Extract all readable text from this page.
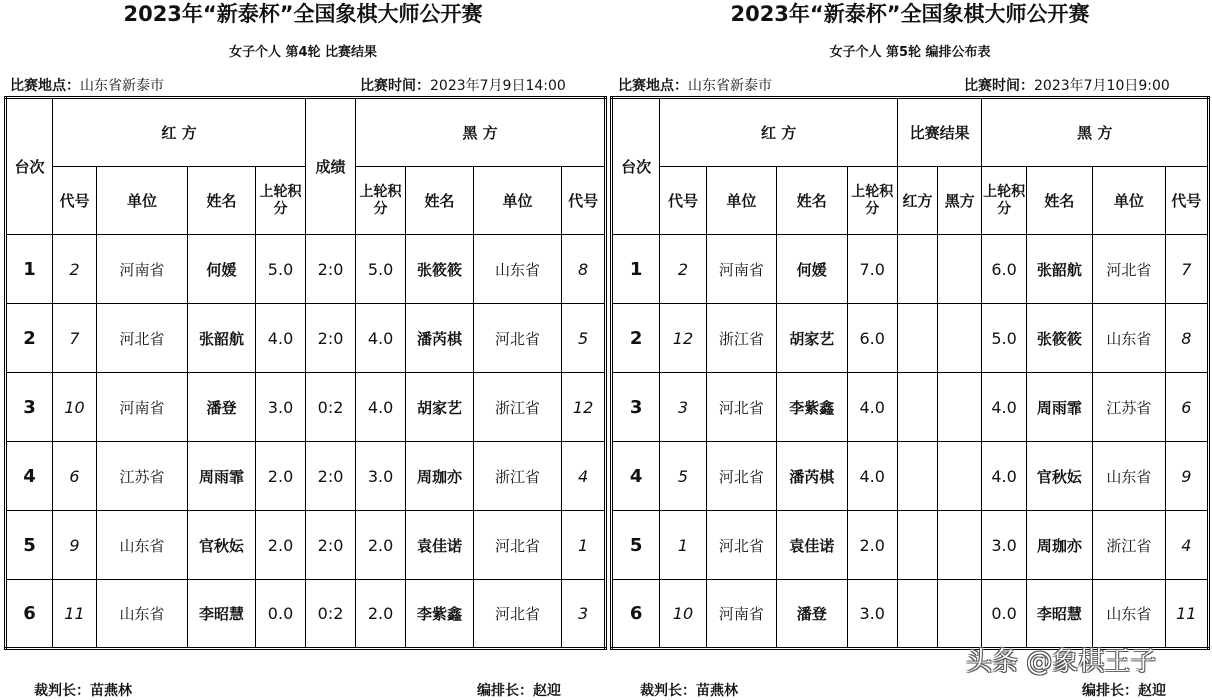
2023年“新泰杯”全国象棋大师公开赛
女子个人 第4轮 比赛结果
比赛地点：山东省新泰市	比赛时间：2023年7月9日14:00
台次	红 方				成绩	黑 方			
	代号	单位	姓名	上轮积分		上轮积分	姓名	单位	代号
1	2	河南省	何媛	5.0	2:0	5.0	张筱筱	山东省	8
2	7	河北省	张韶航	4.0	2:0	4.0	潘芮棋	河北省	5
3	10	河南省	潘登	3.0	0:2	4.0	胡家艺	浙江省	12
4	6	江苏省	周雨霏	2.0	2:0	3.0	周珈亦	浙江省	4
5	9	山东省	官秋妘	2.0	2:0	2.0	袁佳诺	河北省	1
6	11	山东省	李昭慧	0.0	0:2	2.0	李紫鑫	河北省	3
裁判长：苗燕林	编排长：赵迎
2023年“新泰杯”全国象棋大师公开赛
女子个人 第5轮 编排公布表
比赛地点：山东省新泰市	比赛时间：2023年7月10日9:00
台次	红 方				比赛结果		黑 方			
	代号	单位	姓名	上轮积分	红方	黑方	上轮积分	姓名	单位	代号
1	2	河南省	何媛	7.0			6.0	张韶航	河北省	7
2	12	浙江省	胡家艺	6.0			5.0	张筱筱	山东省	8
3	3	河北省	李紫鑫	4.0			4.0	周雨霏	江苏省	6
4	5	河北省	潘芮棋	4.0			4.0	官秋妘	山东省	9
5	1	河北省	袁佳诺	2.0			3.0	周珈亦	浙江省	4
6	10	河南省	潘登	3.0			0.0	李昭慧	山东省	11
裁判长：苗燕林	编排长：赵迎
头条 @象棋王子
